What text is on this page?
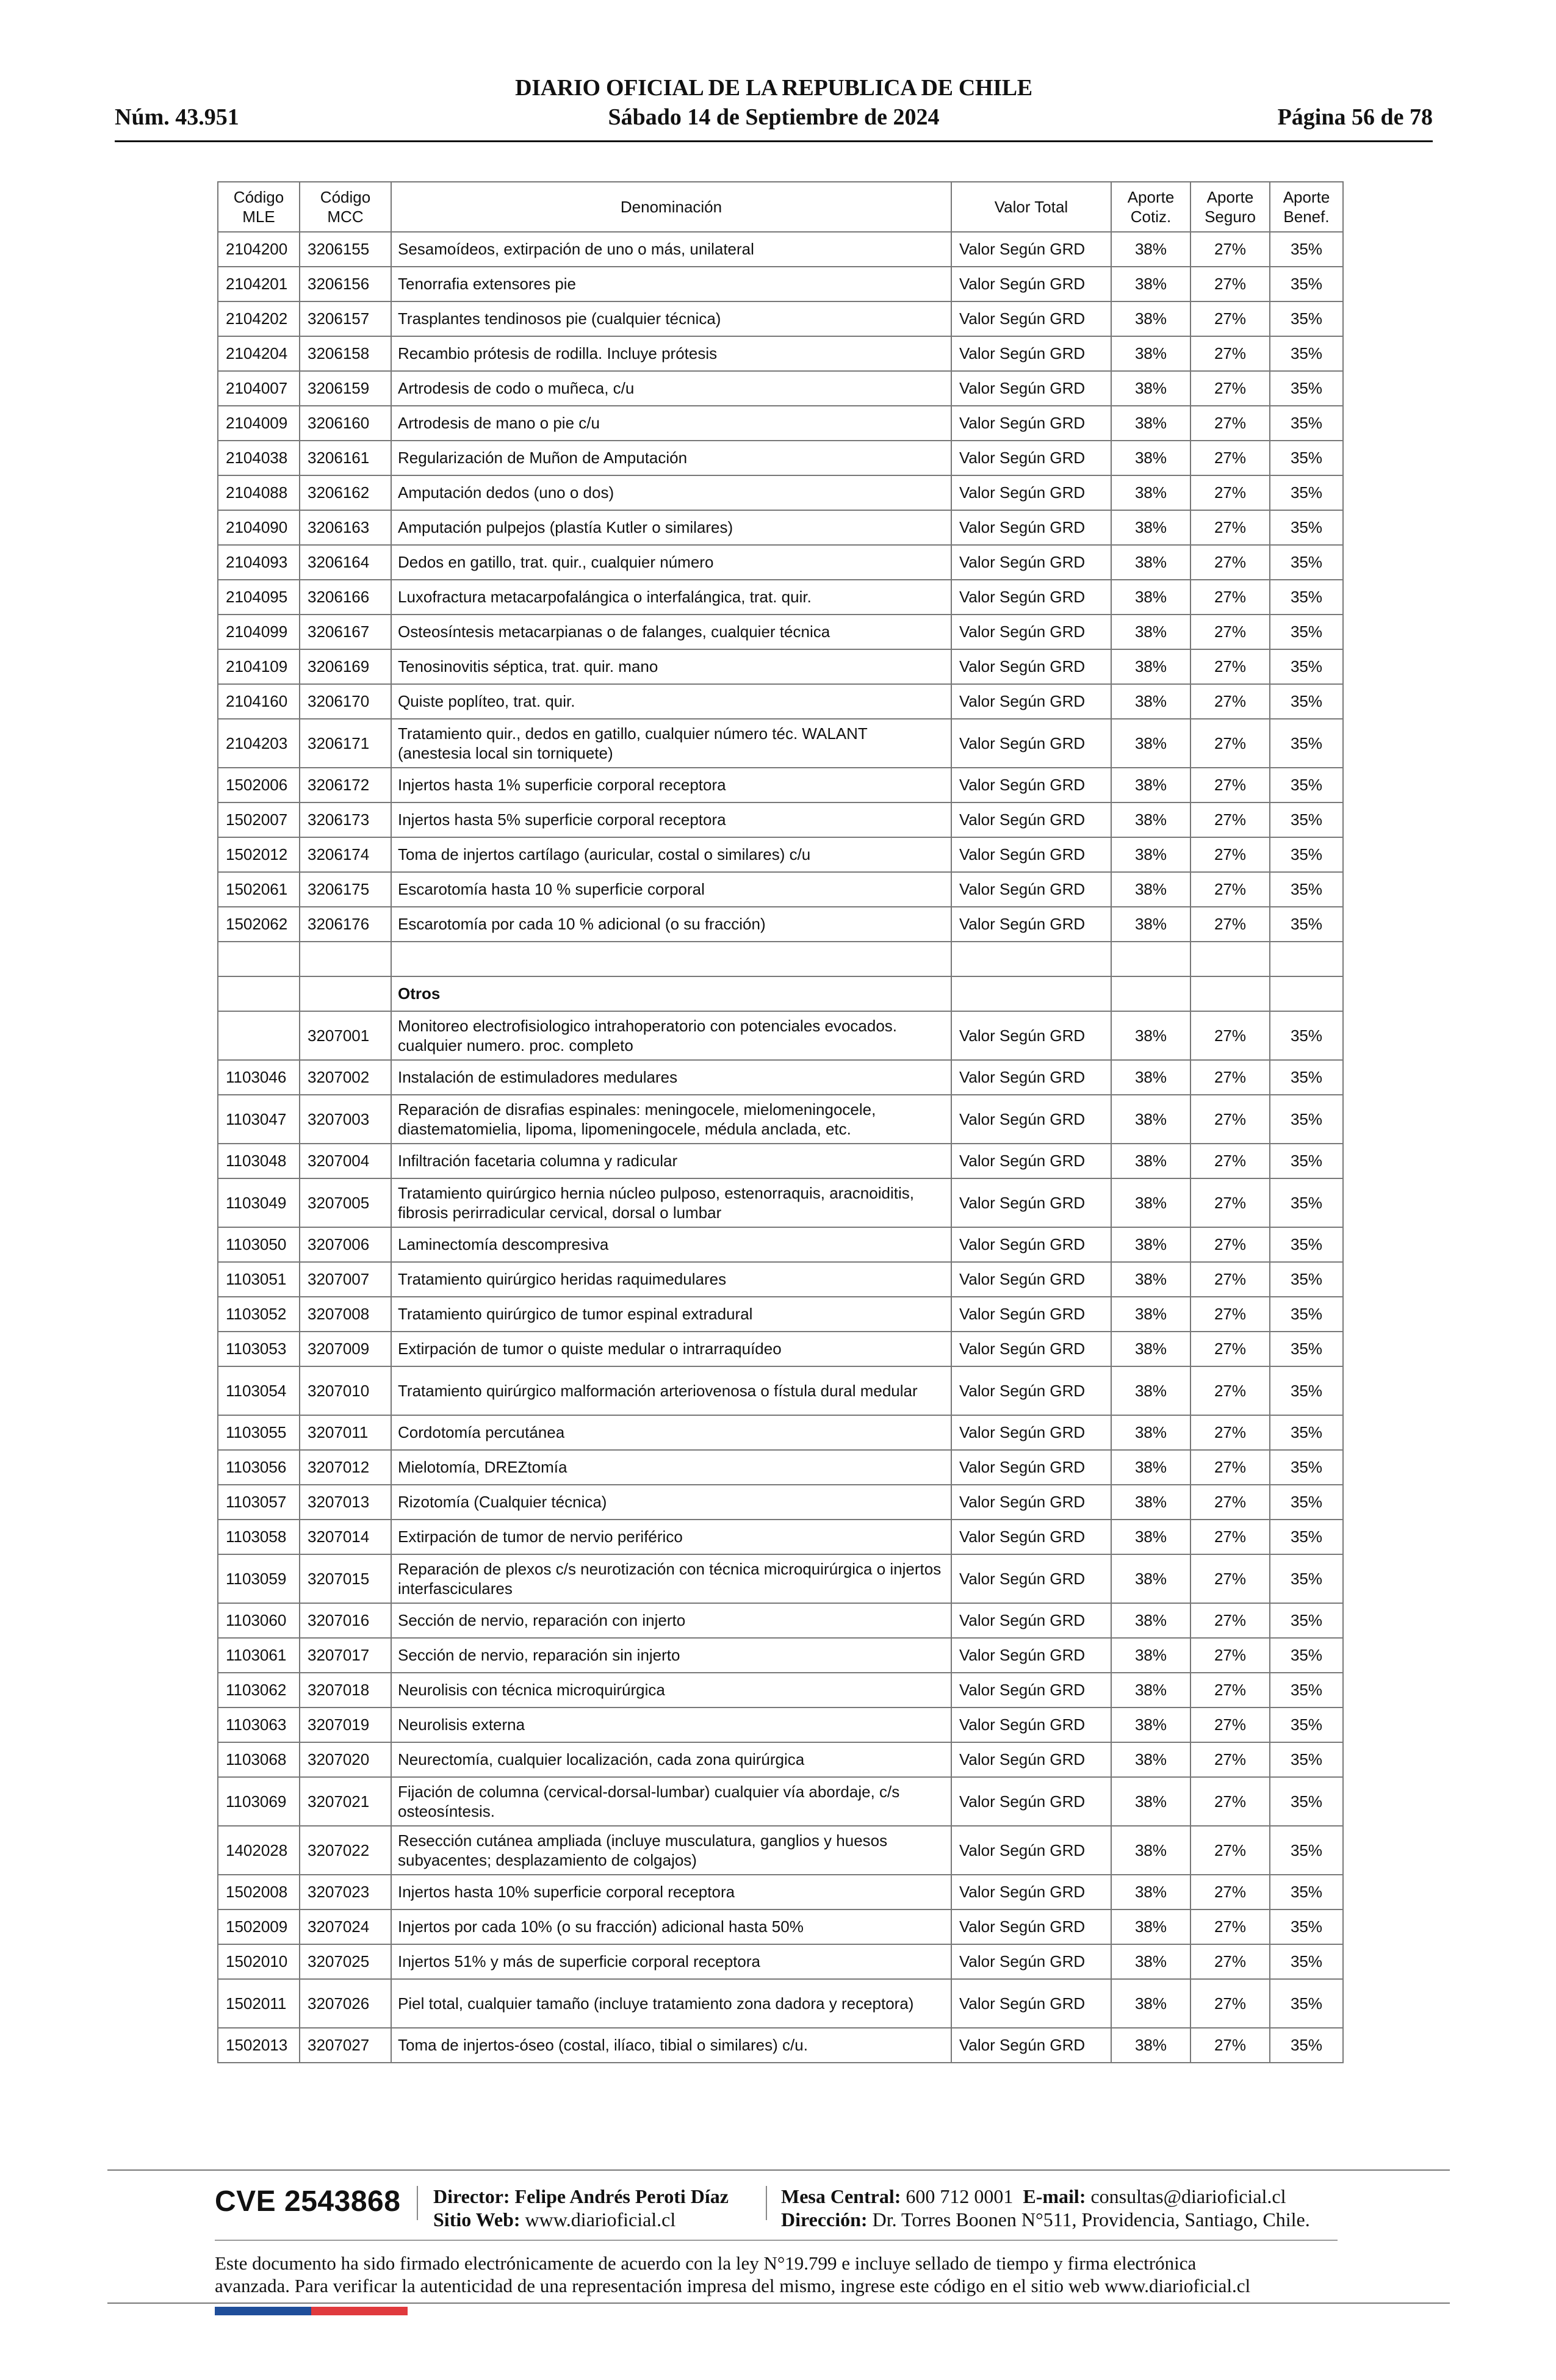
DIARIO OFICIAL DE LA REPUBLICA DE CHILE
Núm. 43.951	Sábado 14 de Septiembre de 2024	Página 56 de 78
Código MLE	Código MCC	Denominación	Valor Total	Aporte Cotiz.	Aporte Seguro	Aporte Benef.
2104200	3206155	Sesamoídeos, extirpación de uno o más, unilateral	Valor Según GRD	38%	27%	35%
2104201	3206156	Tenorrafia extensores pie	Valor Según GRD	38%	27%	35%
2104202	3206157	Trasplantes tendinosos pie (cualquier técnica)	Valor Según GRD	38%	27%	35%
2104204	3206158	Recambio prótesis de rodilla. Incluye prótesis	Valor Según GRD	38%	27%	35%
2104007	3206159	Artrodesis de codo o muñeca, c/u	Valor Según GRD	38%	27%	35%
2104009	3206160	Artrodesis de mano o pie c/u	Valor Según GRD	38%	27%	35%
2104038	3206161	Regularización de Muñon de Amputación	Valor Según GRD	38%	27%	35%
2104088	3206162	Amputación dedos (uno o dos)	Valor Según GRD	38%	27%	35%
2104090	3206163	Amputación pulpejos (plastía Kutler o similares)	Valor Según GRD	38%	27%	35%
2104093	3206164	Dedos en gatillo, trat. quir., cualquier número	Valor Según GRD	38%	27%	35%
2104095	3206166	Luxofractura metacarpofalángica o interfalángica, trat. quir.	Valor Según GRD	38%	27%	35%
2104099	3206167	Osteosíntesis metacarpianas o de falanges, cualquier técnica	Valor Según GRD	38%	27%	35%
2104109	3206169	Tenosinovitis séptica, trat. quir. mano	Valor Según GRD	38%	27%	35%
2104160	3206170	Quiste poplíteo, trat. quir.	Valor Según GRD	38%	27%	35%
2104203	3206171	Tratamiento quir., dedos en gatillo, cualquier número téc. WALANT (anestesia local sin torniquete)	Valor Según GRD	38%	27%	35%
1502006	3206172	Injertos hasta 1% superficie corporal receptora	Valor Según GRD	38%	27%	35%
1502007	3206173	Injertos hasta 5% superficie corporal receptora	Valor Según GRD	38%	27%	35%
1502012	3206174	Toma de injertos cartílago (auricular, costal o similares) c/u	Valor Según GRD	38%	27%	35%
1502061	3206175	Escarotomía hasta 10 % superficie corporal	Valor Según GRD	38%	27%	35%
1502062	3206176	Escarotomía por cada 10 % adicional (o su fracción)	Valor Según GRD	38%	27%	35%

		Otros				
	3207001	Monitoreo electrofisiologico intrahoperatorio con potenciales evocados. cualquier numero. proc. completo	Valor Según GRD	38%	27%	35%
1103046	3207002	Instalación de estimuladores medulares	Valor Según GRD	38%	27%	35%
1103047	3207003	Reparación de disrafias espinales: meningocele, mielomeningocele, diastematomielia, lipoma, lipomeningocele, médula anclada, etc.	Valor Según GRD	38%	27%	35%
1103048	3207004	Infiltración facetaria columna y radicular	Valor Según GRD	38%	27%	35%
1103049	3207005	Tratamiento quirúrgico hernia núcleo pulposo, estenorraquis, aracnoiditis, fibrosis perirradicular cervical, dorsal o lumbar	Valor Según GRD	38%	27%	35%
1103050	3207006	Laminectomía descompresiva	Valor Según GRD	38%	27%	35%
1103051	3207007	Tratamiento quirúrgico heridas raquimedulares	Valor Según GRD	38%	27%	35%
1103052	3207008	Tratamiento quirúrgico de tumor espinal extradural	Valor Según GRD	38%	27%	35%
1103053	3207009	Extirpación de tumor o quiste medular o intrarraquídeo	Valor Según GRD	38%	27%	35%
1103054	3207010	Tratamiento quirúrgico malformación arteriovenosa o fístula dural medular	Valor Según GRD	38%	27%	35%
1103055	3207011	Cordotomía percutánea	Valor Según GRD	38%	27%	35%
1103056	3207012	Mielotomía, DREZtomía	Valor Según GRD	38%	27%	35%
1103057	3207013	Rizotomía (Cualquier técnica)	Valor Según GRD	38%	27%	35%
1103058	3207014	Extirpación de tumor de nervio periférico	Valor Según GRD	38%	27%	35%
1103059	3207015	Reparación de plexos c/s neurotización con técnica microquirúrgica o injertos interfasciculares	Valor Según GRD	38%	27%	35%
1103060	3207016	Sección de nervio, reparación con injerto	Valor Según GRD	38%	27%	35%
1103061	3207017	Sección de nervio, reparación sin injerto	Valor Según GRD	38%	27%	35%
1103062	3207018	Neurolisis con técnica microquirúrgica	Valor Según GRD	38%	27%	35%
1103063	3207019	Neurolisis externa	Valor Según GRD	38%	27%	35%
1103068	3207020	Neurectomía, cualquier localización, cada zona quirúrgica	Valor Según GRD	38%	27%	35%
1103069	3207021	Fijación de columna (cervical-dorsal-lumbar) cualquier vía abordaje, c/s osteosíntesis.	Valor Según GRD	38%	27%	35%
1402028	3207022	Resección cutánea ampliada (incluye musculatura, ganglios y huesos subyacentes; desplazamiento de colgajos)	Valor Según GRD	38%	27%	35%
1502008	3207023	Injertos hasta 10% superficie corporal receptora	Valor Según GRD	38%	27%	35%
1502009	3207024	Injertos por cada 10% (o su fracción) adicional hasta 50%	Valor Según GRD	38%	27%	35%
1502010	3207025	Injertos 51% y más de superficie corporal receptora	Valor Según GRD	38%	27%	35%
1502011	3207026	Piel total, cualquier tamaño (incluye tratamiento zona dadora y receptora)	Valor Según GRD	38%	27%	35%
1502013	3207027	Toma de injertos-óseo (costal, ilíaco, tibial o similares) c/u.	Valor Según GRD	38%	27%	35%
CVE 2543868 Director: Felipe Andrés Peroti Díaz
Sitio Web: www.diarioficial.cl
Mesa Central: 600 712 0001 E-mail: consultas@diarioficial.cl
Dirección: Dr. Torres Boonen N°511, Providencia, Santiago, Chile.
Este documento ha sido firmado electrónicamente de acuerdo con la ley N°19.799 e incluye sellado de tiempo y firma electrónica
avanzada. Para verificar la autenticidad de una representación impresa del mismo, ingrese este código en el sitio web www.diarioficial.cl
